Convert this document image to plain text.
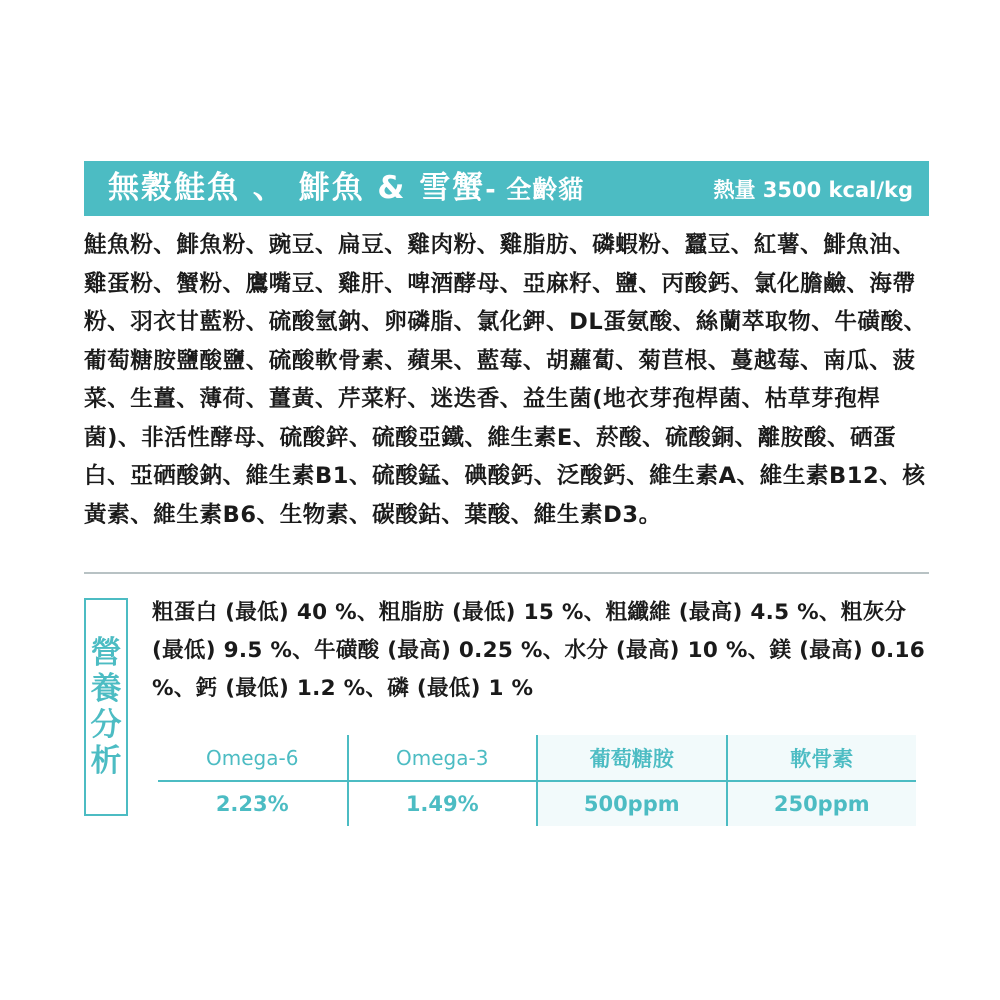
無穀鮭魚 、 鯡魚 & 雪蟹- 全齡貓	熱量 3500 kcal/kg
鮭魚粉、鯡魚粉、豌豆、扁豆、雞肉粉、雞脂肪、磷蝦粉、蠶豆、紅薯、鯡魚油、雞蛋粉、蟹粉、鷹嘴豆、雞肝、啤酒酵母、亞麻籽、鹽、丙酸鈣、氯化膽鹼、海帶粉、羽衣甘藍粉、硫酸氫鈉、卵磷脂、氯化鉀、DL蛋氨酸、絲蘭萃取物、牛磺酸、葡萄糖胺鹽酸鹽、硫酸軟骨素、蘋果、藍莓、胡蘿蔔、菊苣根、蔓越莓、南瓜、菠菜、生薑、薄荷、薑黃、芹菜籽、迷迭香、益生菌(地衣芽孢桿菌、枯草芽孢桿菌)、非活性酵母、硫酸鋅、硫酸亞鐵、維生素E、菸酸、硫酸銅、離胺酸、硒蛋白、亞硒酸鈉、維生素B1、硫酸錳、碘酸鈣、泛酸鈣、維生素A、維生素B12、核黃素、維生素B6、生物素、碳酸鈷、葉酸、維生素D3。
營
養
分
析
粗蛋白 (最低) 40 %、粗脂肪 (最低) 15 %、粗纖維 (最高) 4.5 %、粗灰分 (最低) 9.5 %、牛磺酸 (最高) 0.25 %、水分 (最高) 10 %、鎂 (最高) 0.16 %、鈣 (最低) 1.2 %、磷 (最低) 1 %
Omega-6	Omega-3	葡萄糖胺	軟骨素
2.23%	1.49%	500ppm	250ppm
